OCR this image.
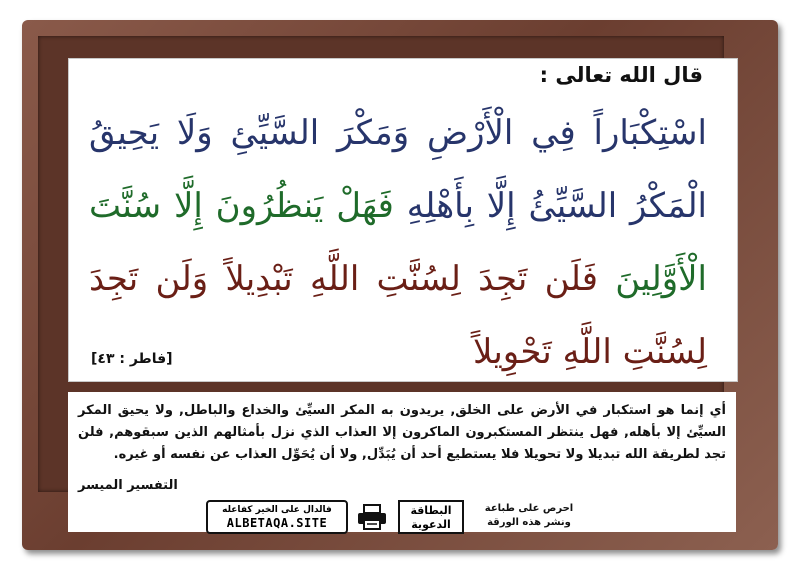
قال الله تعالى :
اسْتِكْبَاراً فِي الْأَرْضِ وَمَكْرَ السَّيِّئِ وَلَا يَحِيقُ الْمَكْرُ السَّيِّئُ إِلَّا بِأَهْلِهِ فَهَلْ يَنظُرُونَ إِلَّا سُنَّتَ الْأَوَّلِينَ فَلَن تَجِدَ لِسُنَّتِ اللَّهِ تَبْدِيلاً وَلَن تَجِدَ لِسُنَّتِ اللَّهِ تَحْوِيلاً
[فاطر : ٤٣]
أي إنما هو استكبار في الأرض على الخلق, يريدون به المكر السيِّئ والخداع والباطل, ولا يحيق المكر السيِّئ إلا بأهله, فهل ينتظر المستكبرون الماكرون إلا العذاب الذي نزل بأمثالهم الذين سبقوهم, فلن تجد لطريقة الله تبديلا ولا تحويلا فلا يستطيع أحد أن يُبَدِّل, ولا أن يُحَوِّل العذاب عن نفسه أو غيره.
التفسير الميسر
فالدال على الخير كفاعله
ALBETAQA.SITE
البطاقة الدعوية
احرص على طباعة ونشر هذه الورقة
